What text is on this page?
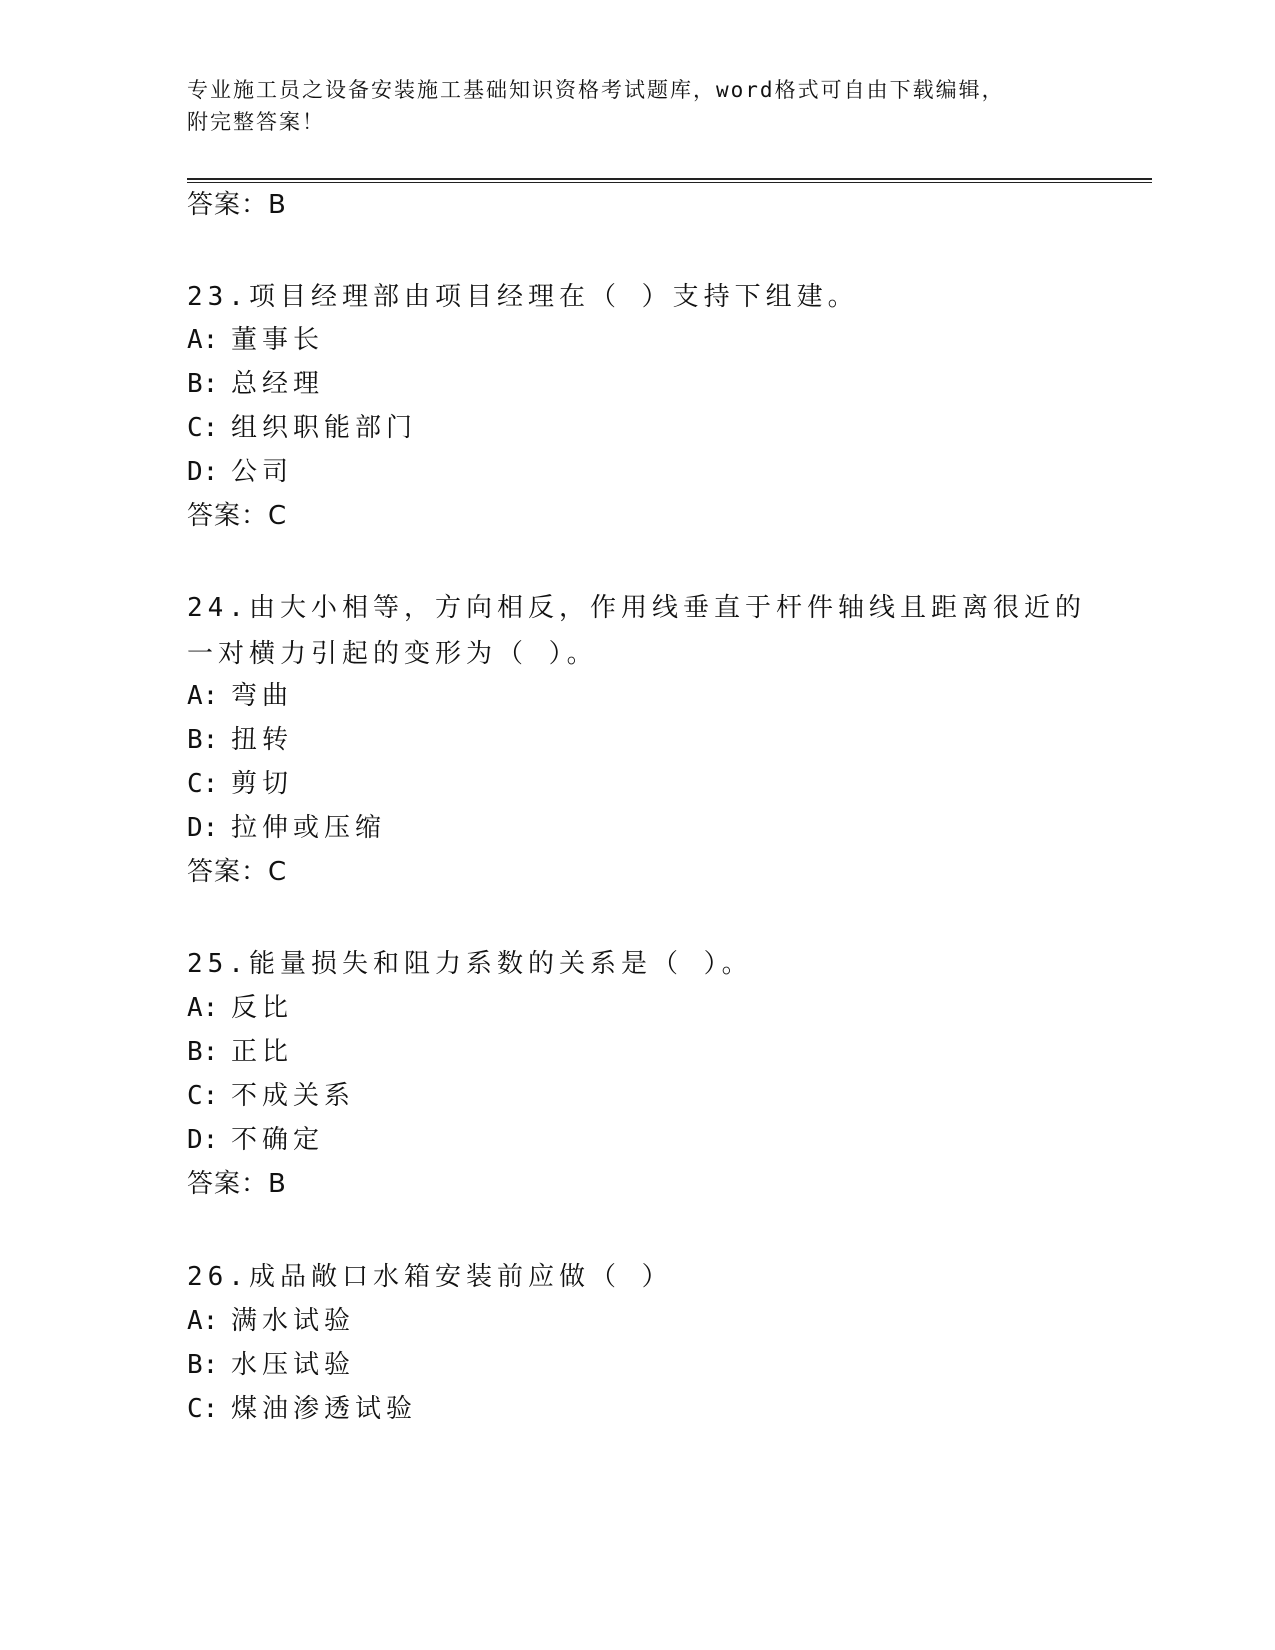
专业施工员之设备安装施工基础知识资格考试题库，word格式可自由下载编辑，
附完整答案！
答案：B
23.项目经理部由项目经理在（ ）支持下组建。
A: 董事长
B: 总经理
C: 组织职能部门
D: 公司
答案：C
24.由大小相等，方向相反，作用线垂直于杆件轴线且距离很近的一对横力引起的变形为（ ）。
A: 弯曲
B: 扭转
C: 剪切
D: 拉伸或压缩
答案：C
25.能量损失和阻力系数的关系是（ ）。
A: 反比
B: 正比
C: 不成关系
D: 不确定
答案：B
26.成品敞口水箱安装前应做（ ）
A: 满水试验
B: 水压试验
C: 煤油渗透试验
